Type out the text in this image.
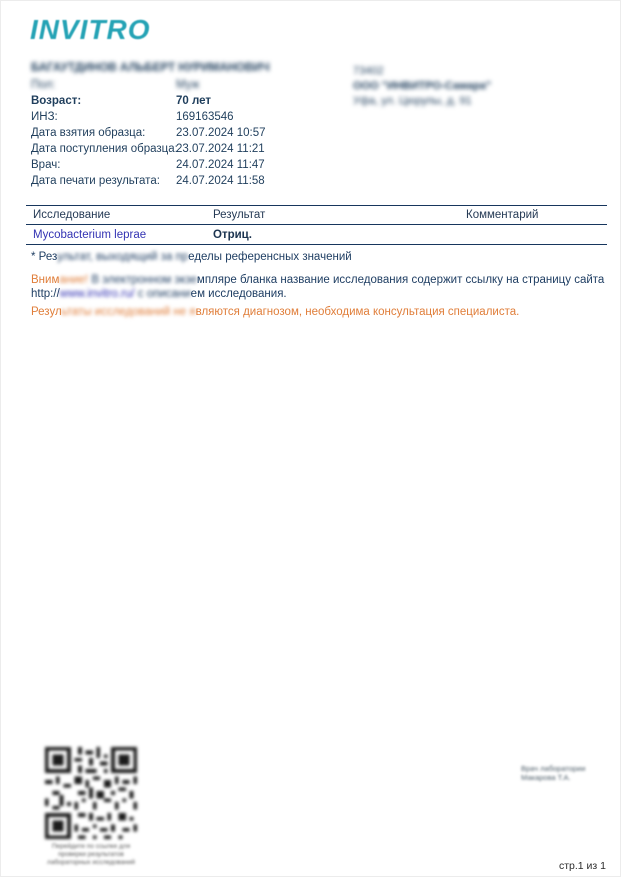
INVITRO
БАГАУТДИНОВ АЛЬБЕРТ НУРИМАНОВИЧ
Пол:	Муж
Возраст:	70 лет
ИНЗ:	169163546
Дата взятия образца:	23.07.2024 10:57
Дата поступления образца:23.07.2024 11:21
Врач:	24.07.2024 11:47
Дата печати результата: 24.07.2024 11:58
73402
ООО "ИНВИТРО-Самара"
Уфа, ул. Цюрупы, д. 91
Исследование	Результат	Комментарий
Mycobacterium leprae	Отриц.
* Результат, выходящий за пределы референсных значений
Внимание! В электронном экземпляре бланка название исследования содержит ссылку на страницу сайта
http://www.invitro.ru/ с описанием исследования.
Результаты исследований не являются диагнозом, необходима консультация специалиста.
Перейдите по ссылке для
проверки результатов
лабораторных исследований
Врач лаборатории
Макарова Т.А.
стр.1 из 1
